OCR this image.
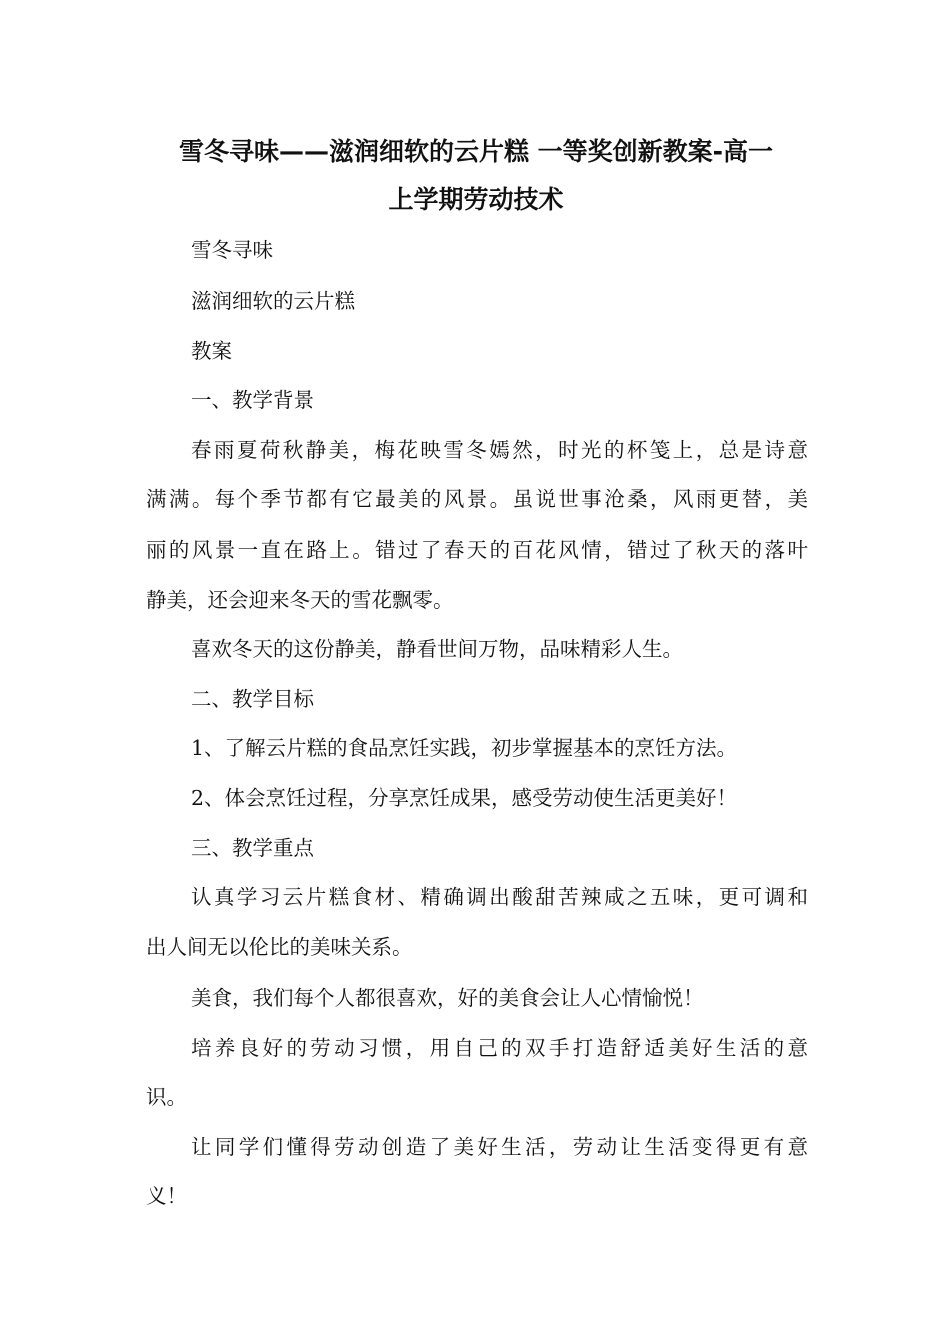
雪冬寻味——滋润细软的云片糕 一等奖创新教案-高一
上学期劳动技术

雪冬寻味

滋润细软的云片糕

教案

一、教学背景

春雨夏荷秋静美，梅花映雪冬嫣然，时光的杯笺上，总是诗意

满满。每个季节都有它最美的风景。虽说世事沧桑，风雨更替，美

丽的风景一直在路上。错过了春天的百花风情，错过了秋天的落叶

静美，还会迎来冬天的雪花飘零。

喜欢冬天的这份静美，静看世间万物，品味精彩人生。

二、教学目标

1、了解云片糕的食品烹饪实践，初步掌握基本的烹饪方法。

2、体会烹饪过程，分享烹饪成果，感受劳动使生活更美好！

三、教学重点

认真学习云片糕食材、精确调出酸甜苦辣咸之五味，更可调和

出人间无以伦比的美味关系。

美食，我们每个人都很喜欢，好的美食会让人心情愉悦！

培养良好的劳动习惯，用自己的双手打造舒适美好生活的意

识。

让同学们懂得劳动创造了美好生活，劳动让生活变得更有意

义！
